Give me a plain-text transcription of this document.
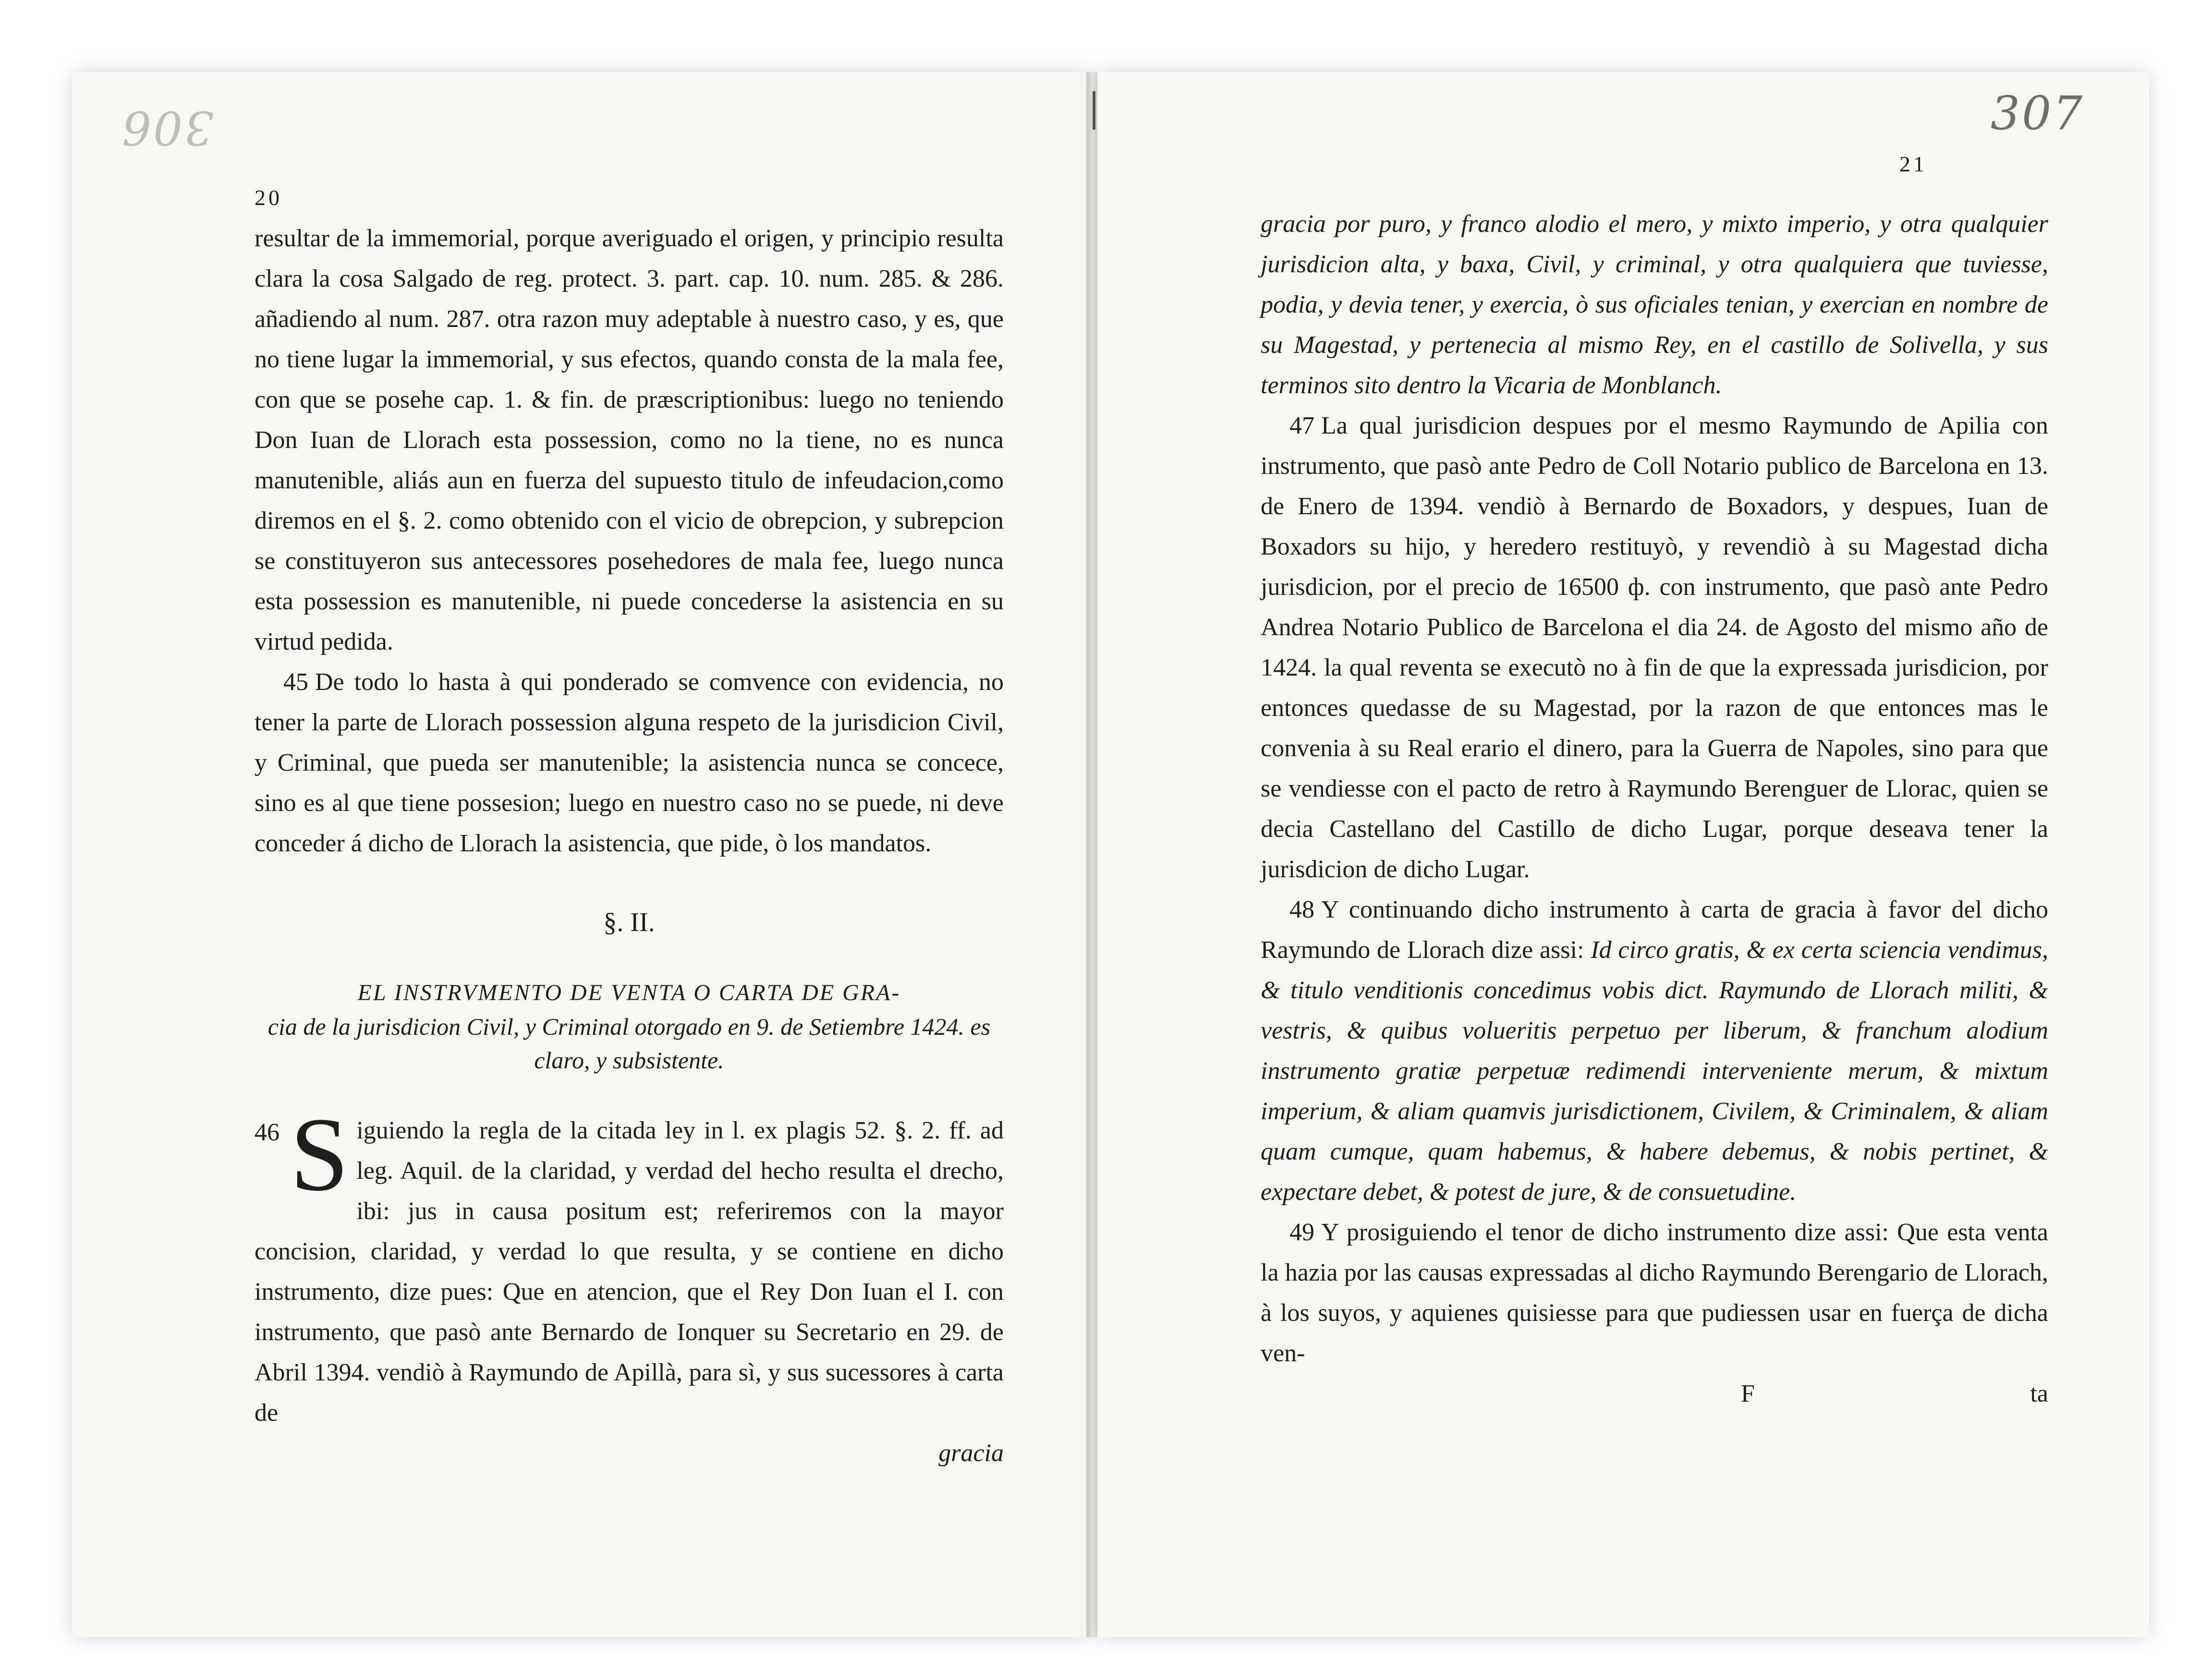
306
20

resultar de la immemorial, porque averiguado el origen, y principio resulta clara la cosa Salgado de reg. protect. 3. part. cap. 10. num. 285. & 286. añadiendo al num. 287. otra razon muy adeptable à nuestro caso, y es, que no tiene lugar la immemorial, y sus efectos, quando consta de la mala fee, con que se posehe cap. 1. & fin. de præscriptionibus: luego no teniendo Don Iuan de Llorach esta possession, como no la tiene, no es nunca manutenible, aliás aun en fuerza del supuesto titulo de infeudacion,como diremos en el §. 2. como obtenido con el vicio de obrepcion, y subrepcion se constituyeron sus antecessores posehedores de mala fee, luego nunca esta possession es manutenible, ni puede concederse la asistencia en su virtud pedida.

45 De todo lo hasta à qui ponderado se comvence con evidencia, no tener la parte de Llorach possession alguna respeto de la jurisdicion Civil, y Criminal, que pueda ser manutenible; la asistencia nunca se concece, sino es al que tiene possesion; luego en nuestro caso no se puede, ni deve conceder á dicho de Llorach la asistencia, que pide, ò los mandatos.

§. II.
EL INSTRVMENTO DE VENTA O CARTA DE GRA-
cia de la jurisdicion Civil, y Criminal otorgado en 9. de Setiembre 1424. es claro, y subsistente.

46 S iguiendo la regla de la citada ley in l. ex plagis 52. §. 2. ff. ad leg. Aquil. de la claridad, y verdad del hecho resulta el drecho, ibi: jus in causa positum est; referiremos con la mayor concision, claridad, y verdad lo que resulta, y se contiene en dicho instrumento, dize pues: Que en atencion, que el Rey Don Iuan el I. con instrumento, que pasò ante Bernardo de Ionquer su Secretario en 29. de Abril 1394. vendiò à Raymundo de Apillà, para sì, y sus sucessores à carta de

gracia

307
21

gracia por puro, y franco alodio el mero, y mixto imperio, y otra qualquier jurisdicion alta, y baxa, Civil, y criminal, y otra qualquiera que tuviesse, podia, y devia tener, y exercia, ò sus oficiales tenian, y exercian en nombre de su Magestad, y pertenecia al mismo Rey, en el castillo de Solivella, y sus terminos sito dentro la Vicaria de Monblanch.

47 La qual jurisdicion despues por el mesmo Raymundo de Apilia con instrumento, que pasò ante Pedro de Coll Notario publico de Barcelona en 13. de Enero de 1394. vendiò à Bernardo de Boxadors, y despues, Iuan de Boxadors su hijo, y heredero restituyò, y revendiò à su Magestad dicha jurisdicion, por el precio de 16500 ф. con instrumento, que pasò ante Pedro Andrea Notario Publico de Barcelona el dia 24. de Agosto del mismo año de 1424. la qual reventa se executò no à fin de que la expressada jurisdicion, por entonces quedasse de su Magestad, por la razon de que entonces mas le convenia à su Real erario el dinero, para la Guerra de Napoles, sino para que se vendiesse con el pacto de retro à Raymundo Berenguer de Llorac, quien se decia Castellano del Castillo de dicho Lugar, porque deseava tener la jurisdicion de dicho Lugar.

48 Y continuando dicho instrumento à carta de gracia à favor del dicho Raymundo de Llorach dize assi: Id circo gratis, & ex certa sciencia vendimus, & titulo venditionis concedimus vobis dict. Raymundo de Llorach militi, & vestris, & quibus volueritis perpetuo per liberum, & franchum alodium instrumento gratiæ perpetuæ redimendi interveniente merum, & mixtum imperium, & aliam quamvis jurisdictionem, Civilem, & Criminalem, & aliam quam cumque, quam habemus, & habere debemus, & nobis pertinet, & expectare debet, & potest de jure, & de consuetudine.

49 Y prosiguiendo el tenor de dicho instrumento dize assi: Que esta venta la hazia por las causas expressadas al dicho Raymundo Berengario de Llorach, à los suyos, y aquienes quisiesse para que pudiessen usar en fuerça de dicha ven-

F	ta
